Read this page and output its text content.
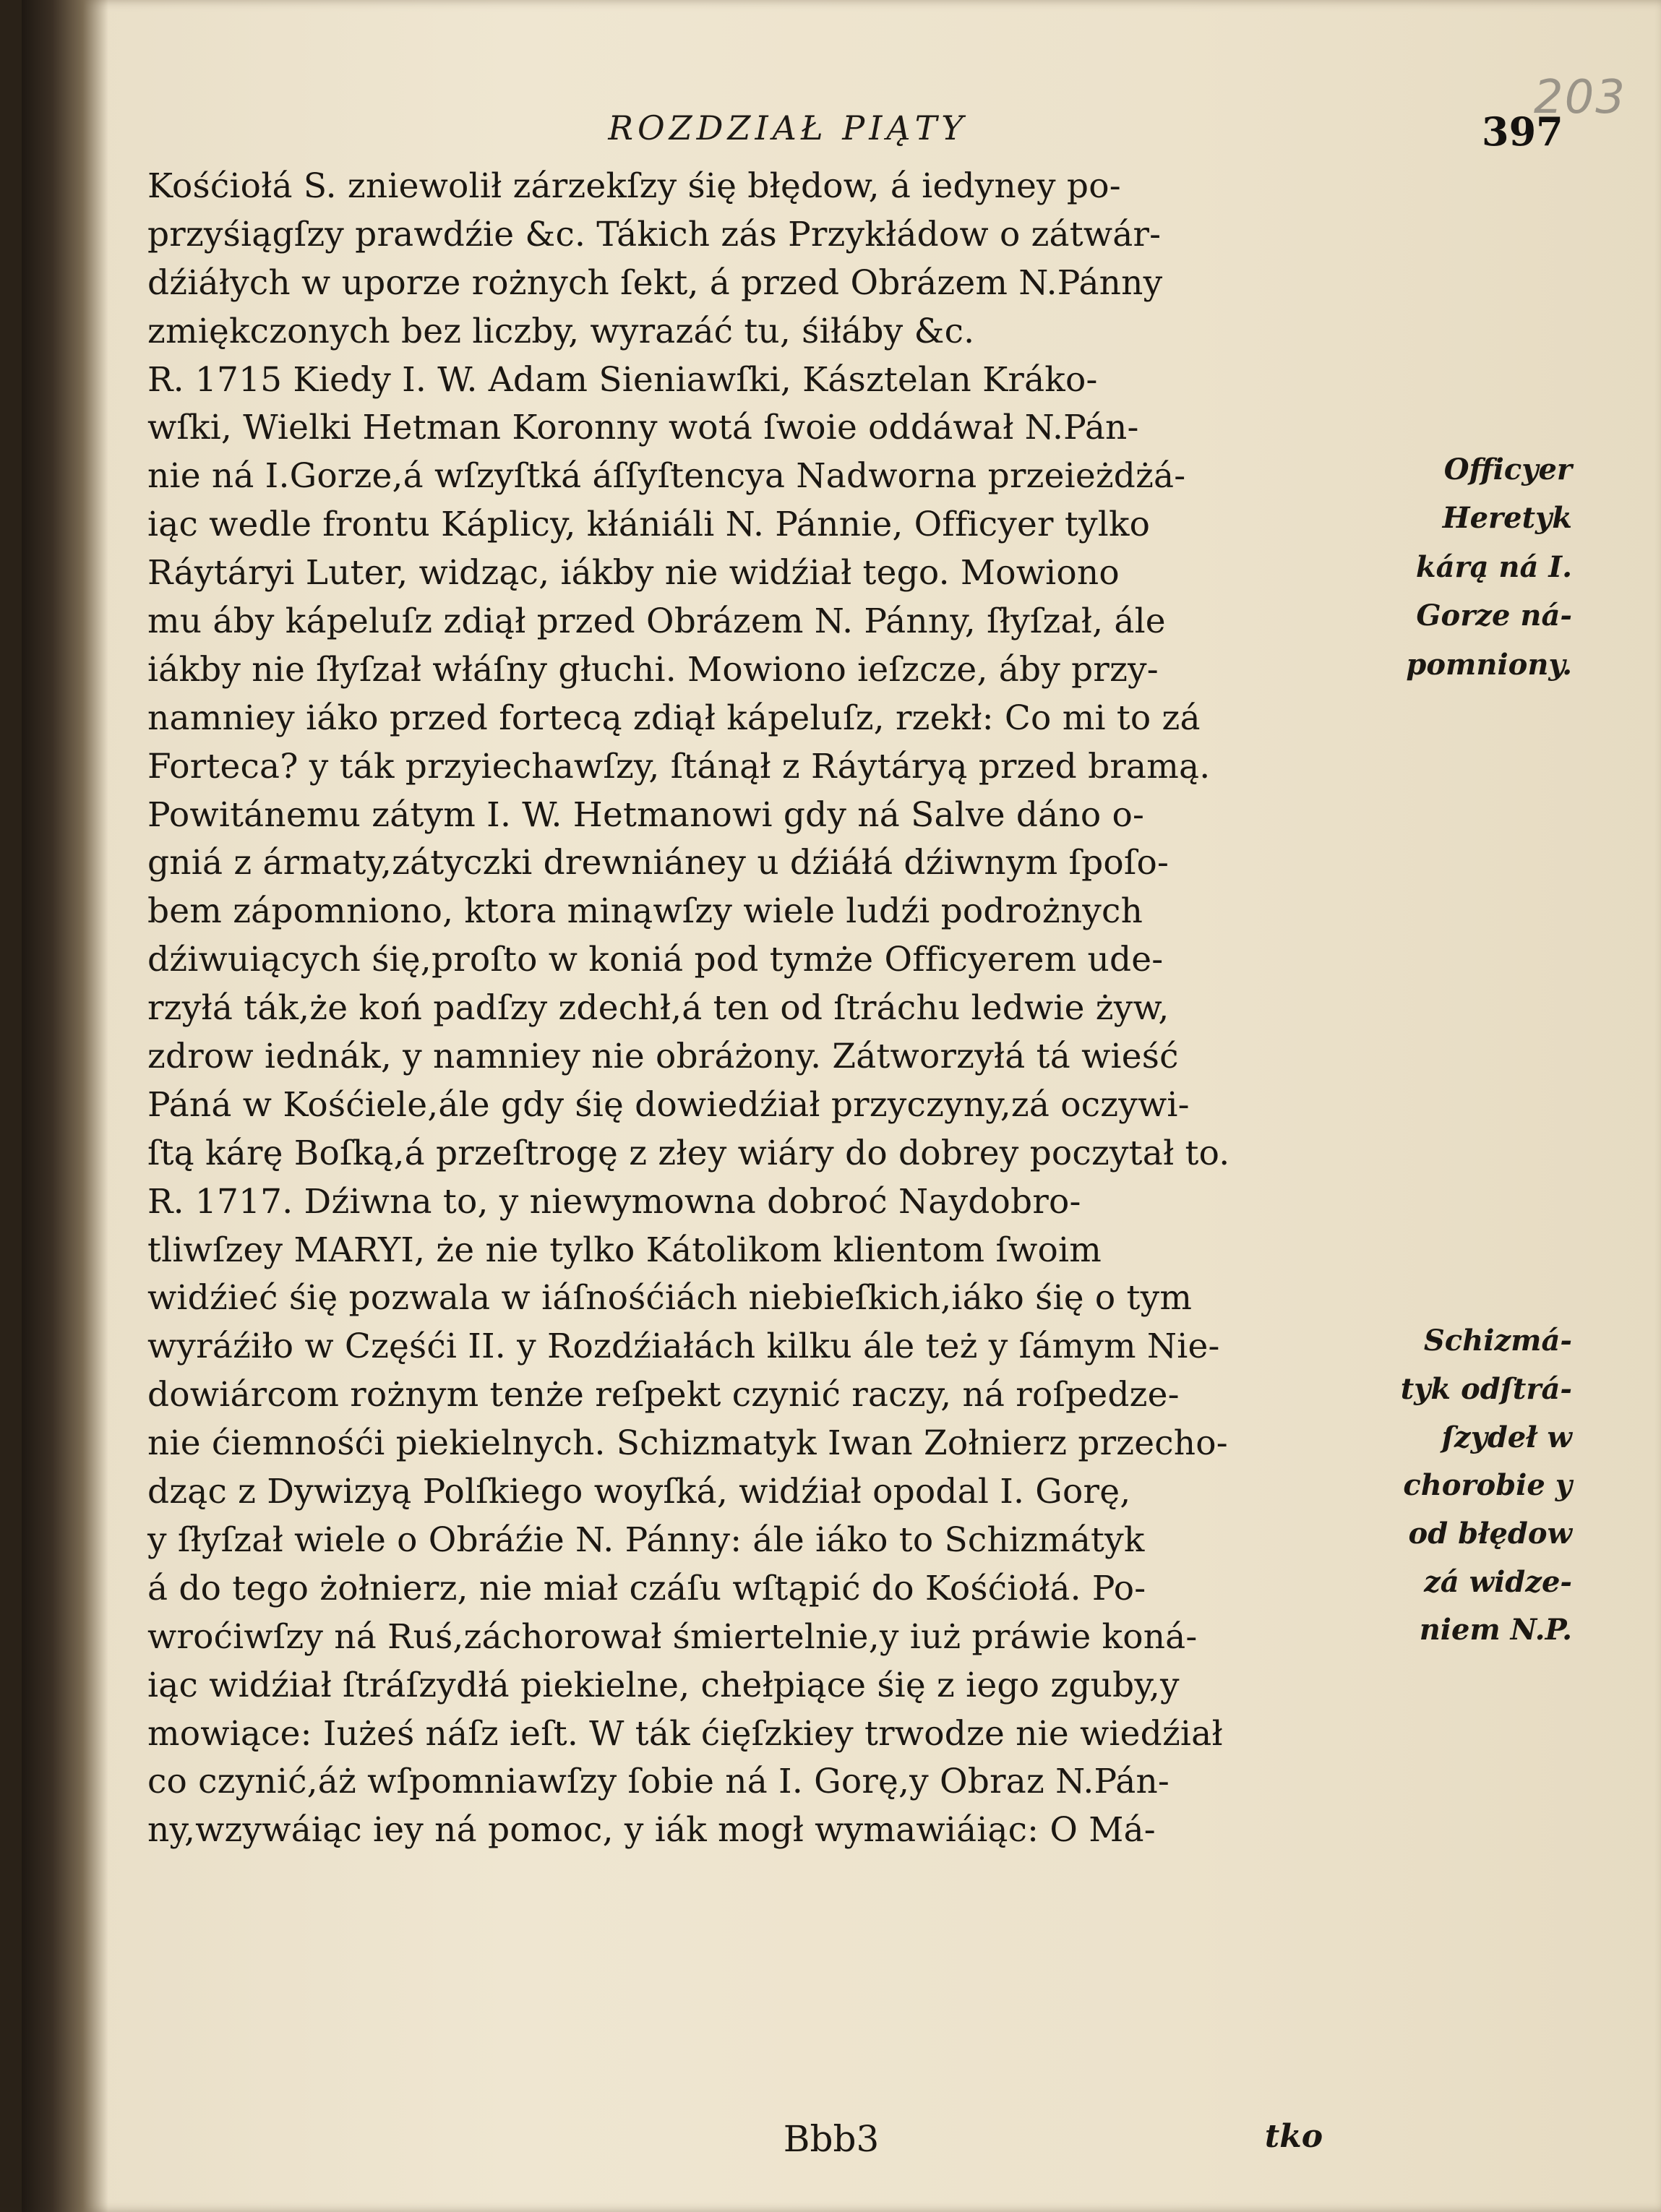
203
ROZDZIAŁ PIĄTY	397
Kośćiołá S. zniewolił zárzekſzy śię błędow, á iedyney po-
przyśiągſzy prawdźie &c. Tákich zás Przykłádow o zátwár-
dźiáłych w uporze rożnych ſekt, á przed Obrázem N.Pánny
zmiękczonych bez liczby, wyrazáć tu, śiłáby &c.
R. 1715 Kiedy I. W. Adam Sieniawſki, Kásztelan Kráko-
wſki, Wielki Hetman Koronny wotá ſwoie oddáwał N.Pán-
nie ná I.Gorze,á wſzyſtká áſſyſtencya Nadworna przeieżdżá-
iąc wedle frontu Káplicy, kłániáli N. Pánnie, Officyer tylko
Ráytáryi Luter, widząc, iákby nie widźiał tego. Mowiono
mu áby kápeluſz zdiął przed Obrázem N. Pánny, ſłyſzał, ále
iákby nie ſłyſzał włáſny głuchi. Mowiono ieſzcze, áby przy-
namniey iáko przed fortecą zdiął kápeluſz, rzekł: Co mi to zá
Forteca? y ták przyiechawſzy, ſtánął z Ráytáryą przed bramą.
Powitánemu zátym I. W. Hetmanowi gdy ná Salve dáno o-
gniá z ármaty,zátyczki drewniáney u dźiáłá dźiwnym ſpoſo-
bem zápomniono, ktora minąwſzy wiele ludźi podrożnych
dźiwuiących śię,proſto w koniá pod tymże Officyerem ude-
rzyłá ták,że koń padſzy zdechł,á ten od ſtráchu ledwie żyw,
zdrow iednák, y namniey nie obráżony. Zátworzyłá tá wieść
Páná w Kośćiele,ále gdy śię dowiedźiał przyczyny,zá oczywi-
ſtą kárę Boſką,á przeſtrogę z złey wiáry do dobrey poczytał to.
R. 1717. Dźiwna to, y niewymowna dobroć Naydobro-
tliwſzey MARYI, że nie tylko Kátolikom klientom ſwoim
widźieć śię pozwala w iáſnośćiách niebieſkich,iáko śię o tym
wyráźiło w Częśći II. y Rozdźiałách kilku ále też y ſámym Nie-
dowiárcom rożnym tenże reſpekt czynić raczy, ná roſpedze-
nie ćiemnośći piekielnych. Schizmatyk Iwan Zołnierz przecho-
dząc z Dywizyą Polſkiego woyſká, widźiał opodal I. Gorę,
y ſłyſzał wiele o Obráźie N. Pánny: ále iáko to Schizmátyk
á do tego żołnierz, nie miał czáſu wſtąpić do Kośćiołá. Po-
wroćiwſzy ná Ruś,záchorował śmiertelnie,y iuż práwie koná-
iąc widźiał ſtráſzydłá piekielne, chełpiące śię z iego zguby,y
mowiące: Iużeś náſz ieſt. W ták ćięſzkiey trwodze nie wiedźiał
co czynić,áż wſpomniawſzy ſobie ná I. Gorę,y Obraz N.Pán-
ny,wzywáiąc iey ná pomoc, y iák mogł wymawiáiąc: O Má-
Officyer
Heretyk
kárą ná I.
Gorze ná-
pomniony.
Schizmá-
tyk odſtrá-
ſzydeł w
chorobie y
od błędow
zá widze-
niem N.P.
Bbb3	tko
